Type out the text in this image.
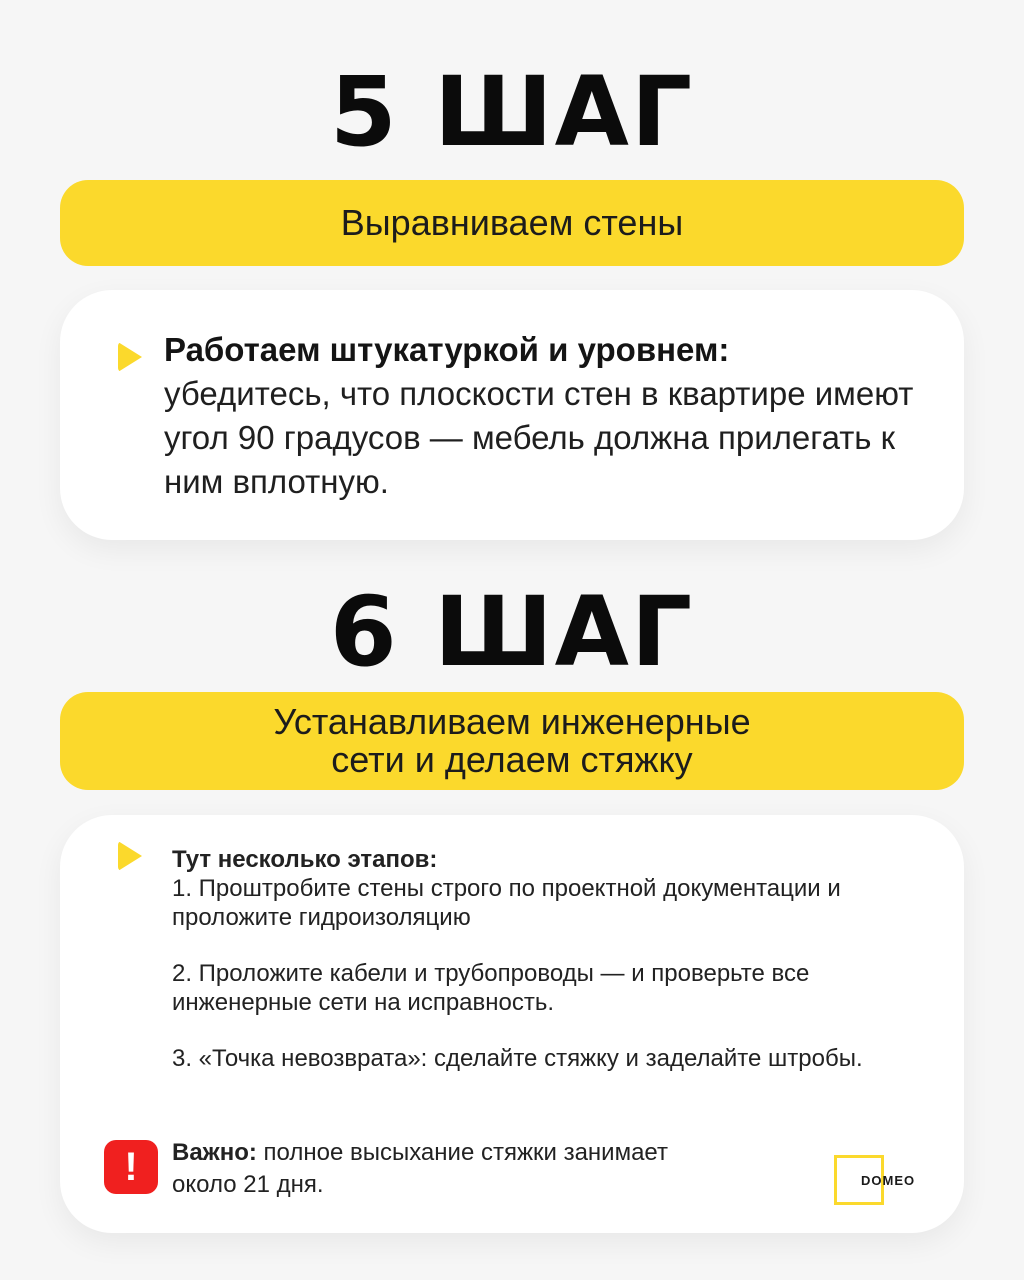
5 ШАГ
Выравниваем стены
Работаем штукатуркой и уровнем:
убедитесь, что плоскости стен в квартире имеют угол 90 градусов — мебель должна прилегать к ним вплотную.
6 ШАГ
Устанавливаем инженерные
сети и делаем стяжку
Тут несколько этапов:
1. Проштробите стены строго по проектной документации и проложите гидроизоляцию
2. Проложите кабели и трубопроводы — и проверьте все инженерные сети на исправность.
3. «Точка невозврата»: сделайте стяжку и заделайте штробы.
!	Важно: полное высыхание стяжки занимает около 21 дня.	DOMEO
